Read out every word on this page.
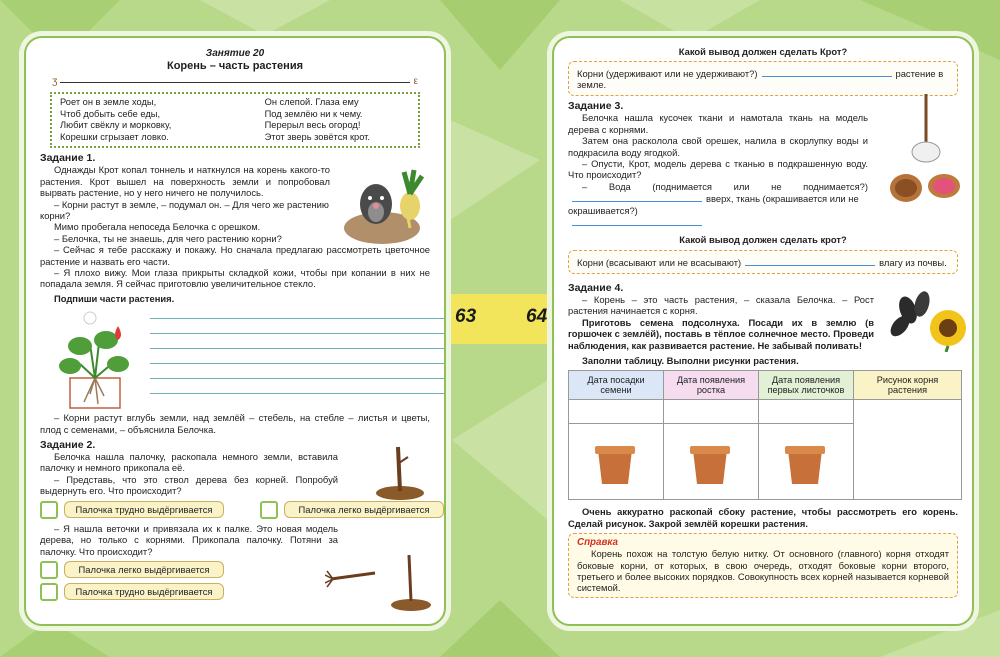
63	64

Занятие 20

Корень – часть растения

ʒ	ε
Роет он в земле ходы,
Чтоб добыть себе еды,
Любит свёклу и морковку,
Корешки сгрызает ловко.
Он слепой. Глаза ему
Под землёю ни к чему.
Перерыл весь огород!
Этот зверь зовётся крот.

Задание 1.

Однажды Крот копал тоннель и наткнулся на корень какого-то растения. Крот вышел на поверхность земли и попробовал вырвать растение, но у него ничего не получилось.

– Корни растут в земле, – подумал он. – Для чего же растению корни?

Мимо пробегала непоседа Белочка с орешком.

– Белочка, ты не знаешь, для чего растению корни?

– Сейчас я тебе расскажу и покажу. Но сначала предлагаю рассмотреть цветочное растение и назвать его части.

– Я плохо вижу. Мои глаза прикрыты складкой кожи, чтобы при копании в них не попадала земля. Я сейчас приготовлю увеличительное стекло.

Подпиши части растения.

– Корни растут вглубь земли, над землёй – стебель, на стебле – листья и цветы, плод с семенами, – объяснила Белочка.

Задание 2.

Белочка нашла палочку, раскопала немного земли, вставила палочку и немного прикопала её.

– Представь, что это ствол дерева без корней. Попробуй выдернуть его. Что происходит?

Палочка трудно выдёргивается	Палочка легко выдёргивается

– Я нашла веточки и привязала их к палке. Это новая модель дерева, но только с корнями. Прикопала палочку. Потяни за палочку. Что происходит?

Палочка легко выдёргивается
Палочка трудно выдёргивается

Какой вывод должен сделать Крот?

Корни (удерживают или не удерживают?)	растение в земле.

Задание 3.

Белочка нашла кусочек ткани и намотала ткань на модель дерева с корнями.

Затем она расколола свой орешек, налила в скорлупку воды и подкрасила воду ягодкой.

– Опусти, Крот, модель дерева с тканью в подкрашенную воду. Что происходит?

– Вода (поднимается или не поднимается?)

вверх, ткань (окрашивается или не окрашивается?)

Какой вывод должен сделать крот?

Корни (всасывают или не всасывают)	влагу из почвы.

Задание 4.

– Корень – это часть растения, – сказала Белочка. – Рост растения начинается с корня.

Приготовь семена подсолнуха. Посади их в землю (в горшочек с землёй), поставь в тёплое солнечное место. Проведи наблюдения, как развивается растение. Не забывай поливать!

Заполни таблицу. Выполни рисунки растения.

Дата посадки семени	Дата появления ростка	Дата появления первых листочков	Рисунок корня растения

Очень аккуратно раскопай сбоку растение, чтобы рассмотреть его корень. Сделай рисунок. Закрой землёй корешки растения.

Справка

Корень похож на толстую белую нитку. От основного (главного) корня отходят боковые корни, от которых, в свою очередь, отходят боковые корни второго, третьего и более высоких порядков. Совокупность всех корней называется корневой системой.
